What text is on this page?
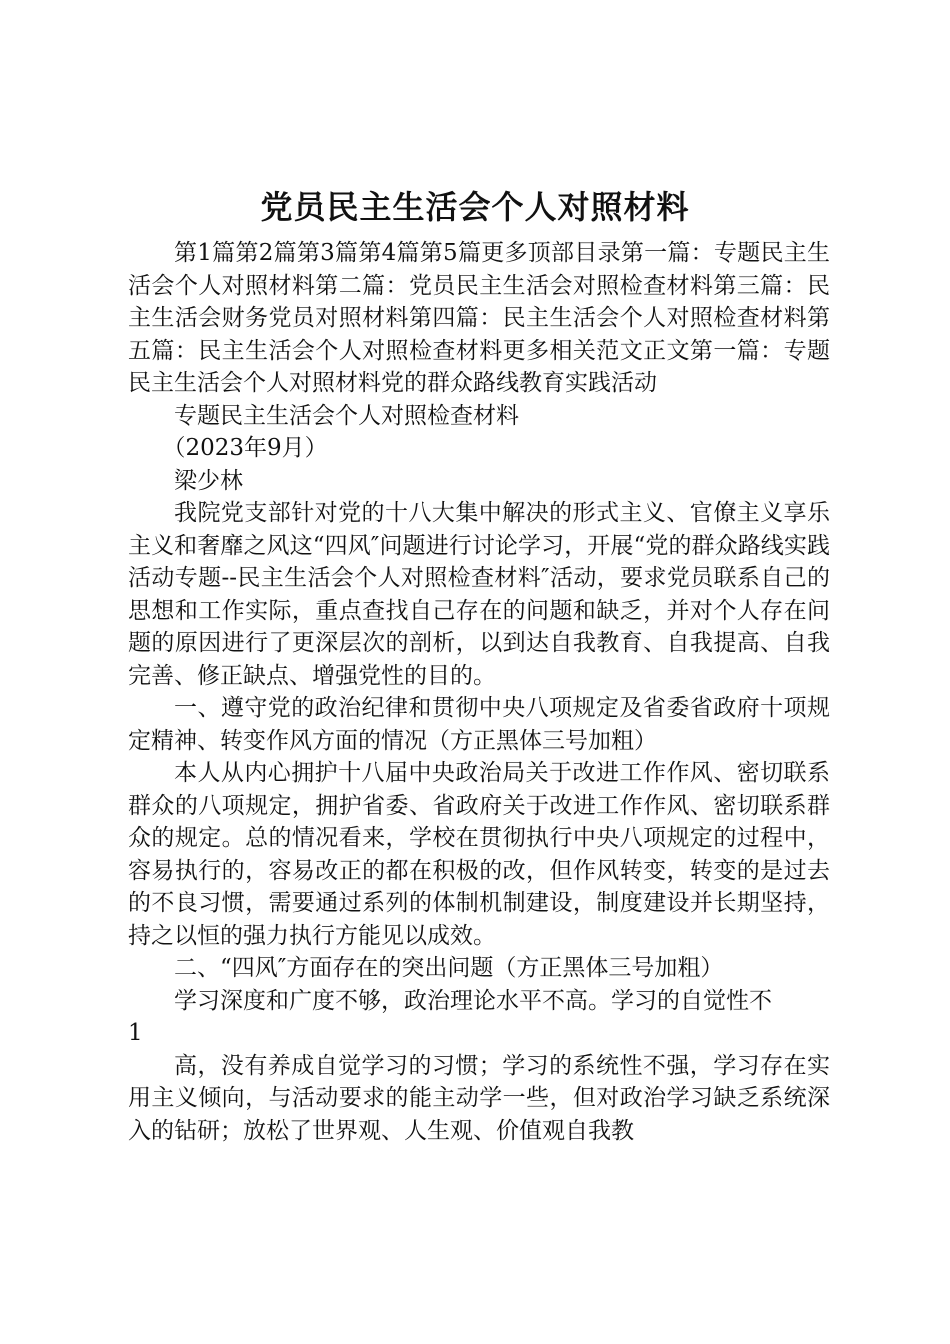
党员民主生活会个人对照材料

第1篇第2篇第3篇第4篇第5篇更多顶部目录第一篇：专题民主生活会个人对照材料第二篇：党员民主生活会对照检查材料第三篇：民主生活会财务党员对照材料第四篇：民主生活会个人对照检查材料第五篇：民主生活会个人对照检查材料更多相关范文正文第一篇：专题民主生活会个人对照材料党的群众路线教育实践活动

专题民主生活会个人对照检查材料

（2023年9月）

梁少林

我院党支部针对党的十八大集中解决的形式主义、官僚主义享乐主义和奢靡之风这“四风″问题进行讨论学习，开展“党的群众路线实践活动专题--民主生活会个人对照检查材料″活动，要求党员联系自己的思想和工作实际，重点查找自己存在的问题和缺乏，并对个人存在问题的原因进行了更深层次的剖析，以到达自我教育、自我提高、自我完善、修正缺点、增强党性的目的。

一、遵守党的政治纪律和贯彻中央八项规定及省委省政府十项规定精神、转变作风方面的情况（方正黑体三号加粗）

本人从内心拥护十八届中央政治局关于改进工作作风、密切联系群众的八项规定，拥护省委、省政府关于改进工作作风、密切联系群众的规定。总的情况看来，学校在贯彻执行中央八项规定的过程中，容易执行的，容易改正的都在积极的改，但作风转变，转变的是过去的不良习惯，需要通过系列的体制机制建设，制度建设并长期坚持，持之以恒的强力执行方能见以成效。

二、“四风″方面存在的突出问题（方正黑体三号加粗）

学习深度和广度不够，政治理论水平不高。学习的自觉性不

1

高，没有养成自觉学习的习惯；学习的系统性不强，学习存在实用主义倾向，与活动要求的能主动学一些，但对政治学习缺乏系统深入的钻研；放松了世界观、人生观、价值观自我教
